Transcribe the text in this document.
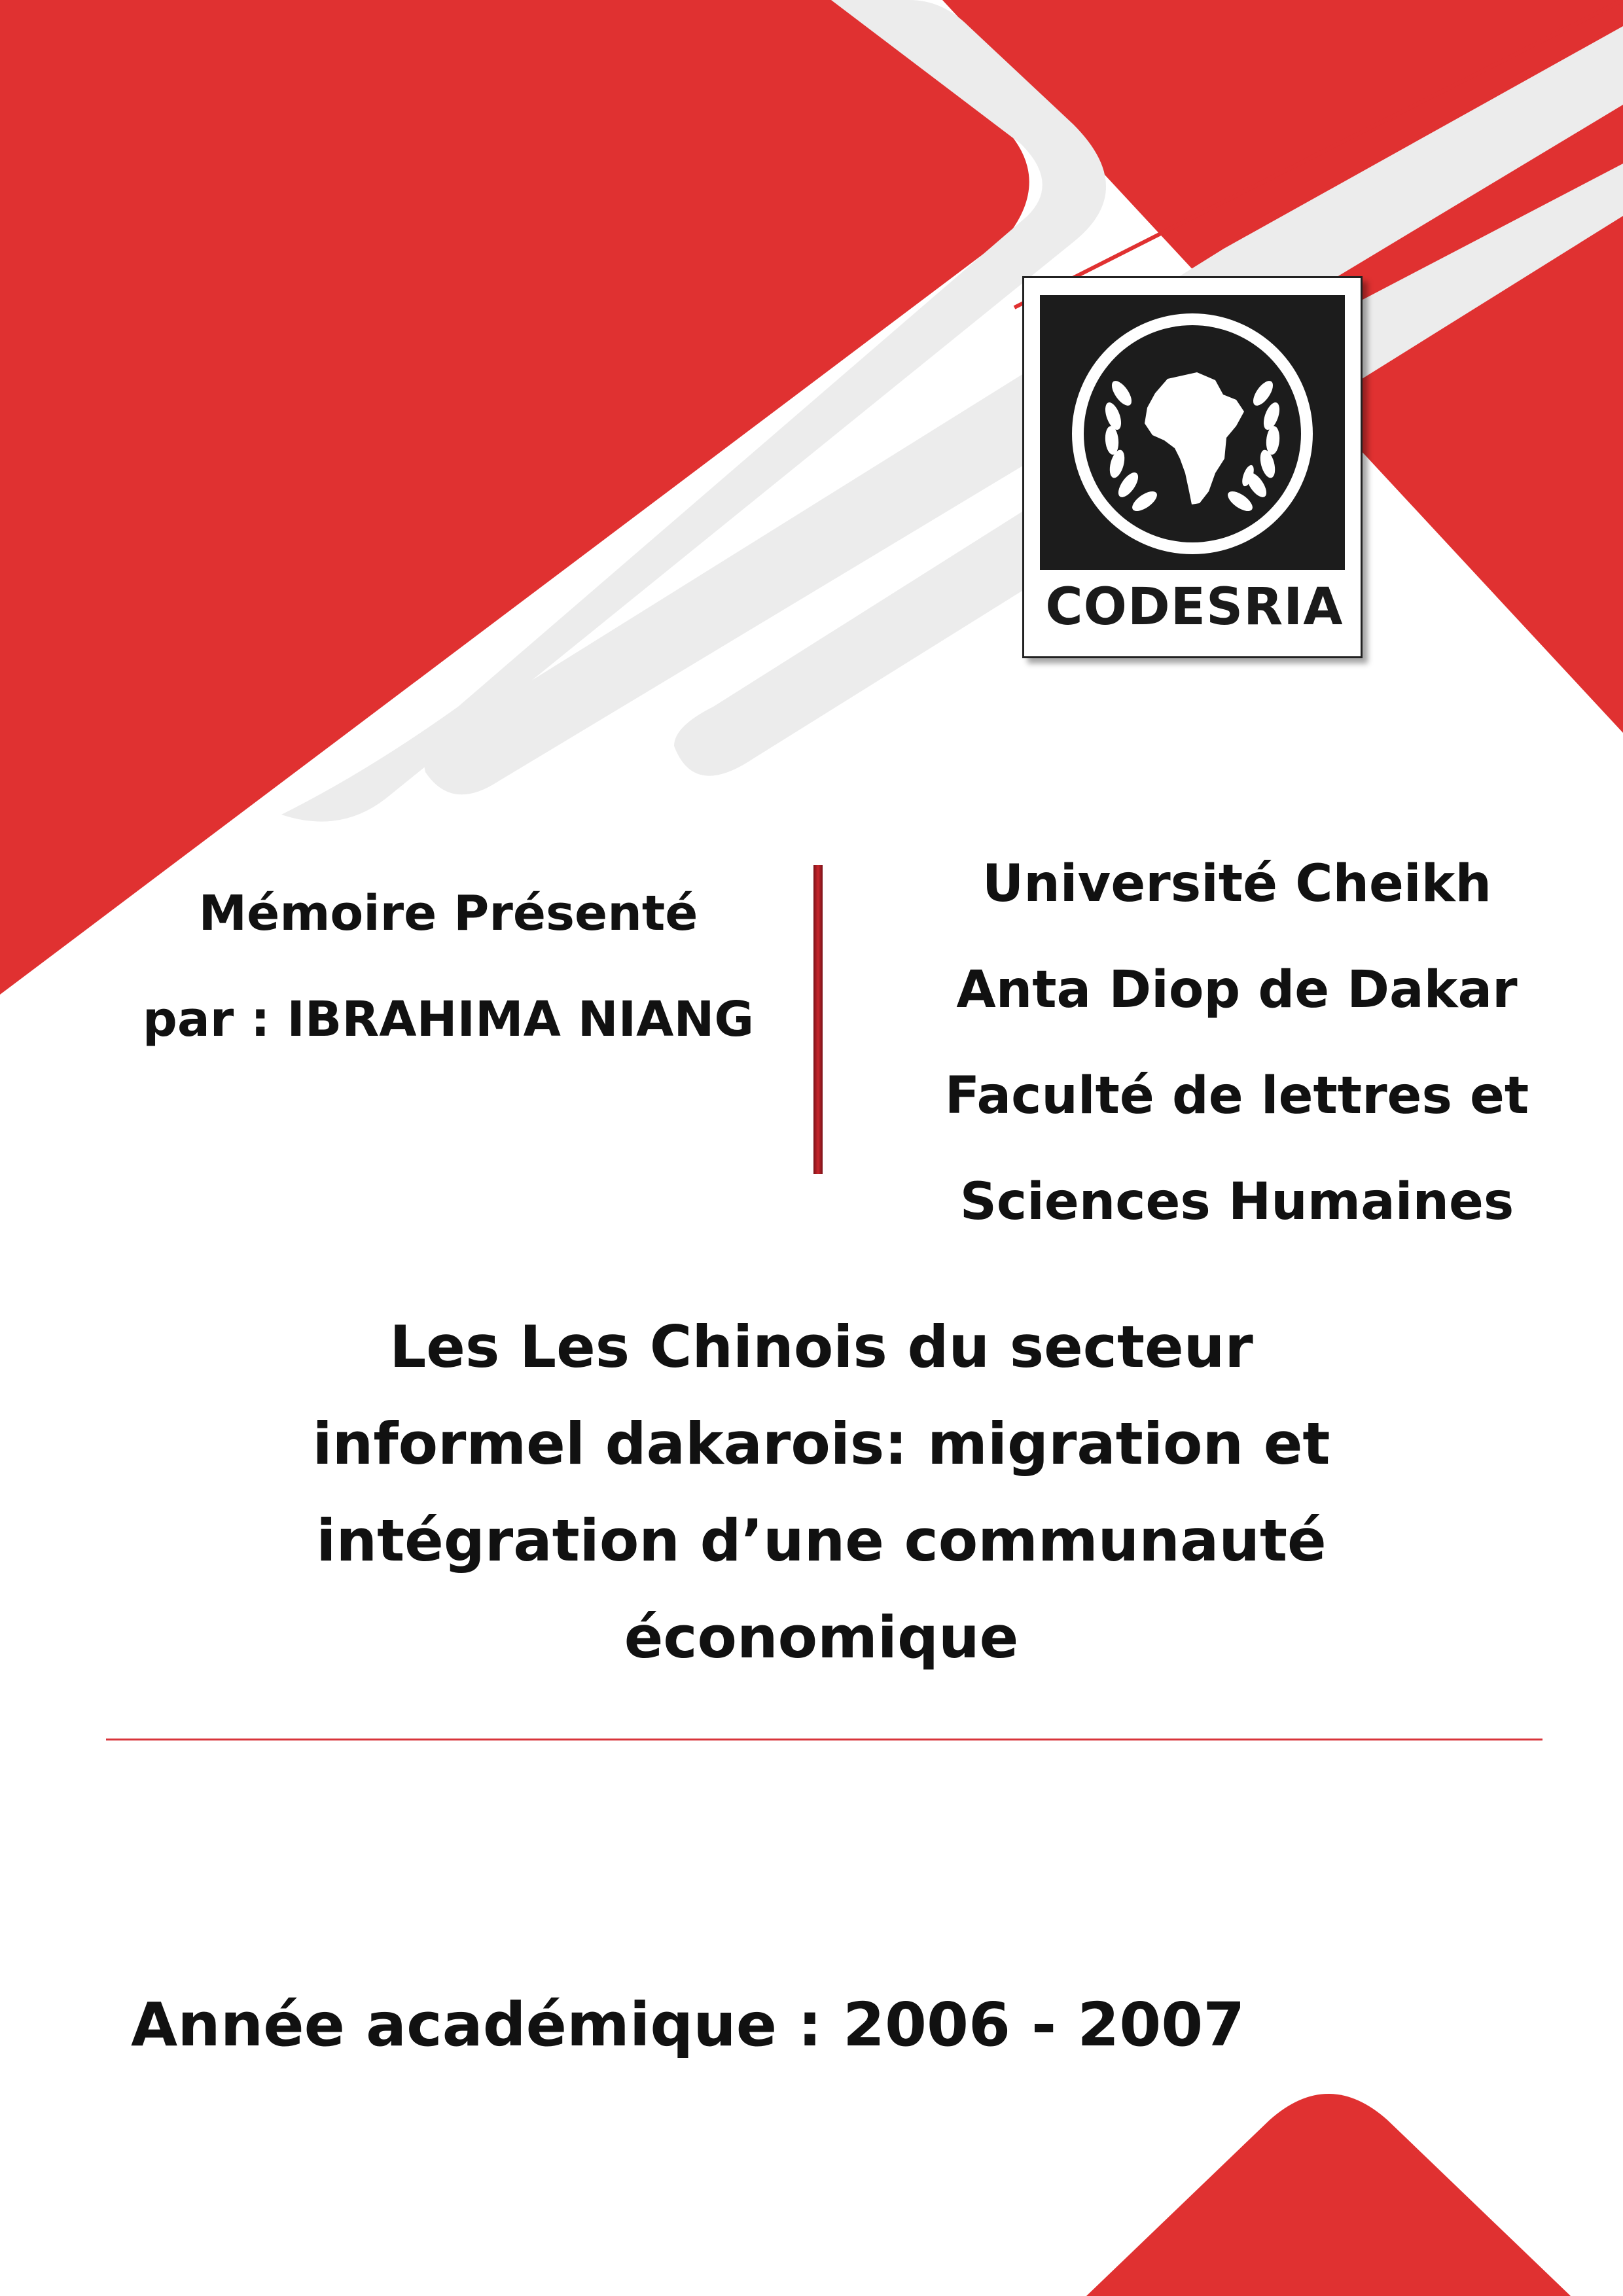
CODESRIA
Mémoire Présenté
par : IBRAHIMA NIANG
Université Cheikh
Anta Diop de Dakar
Faculté de lettres et
Sciences Humaines
Les Les Chinois du secteur
informel dakarois: migration et
intégration d’une communauté
économique
Année académique : 2006 - 2007
